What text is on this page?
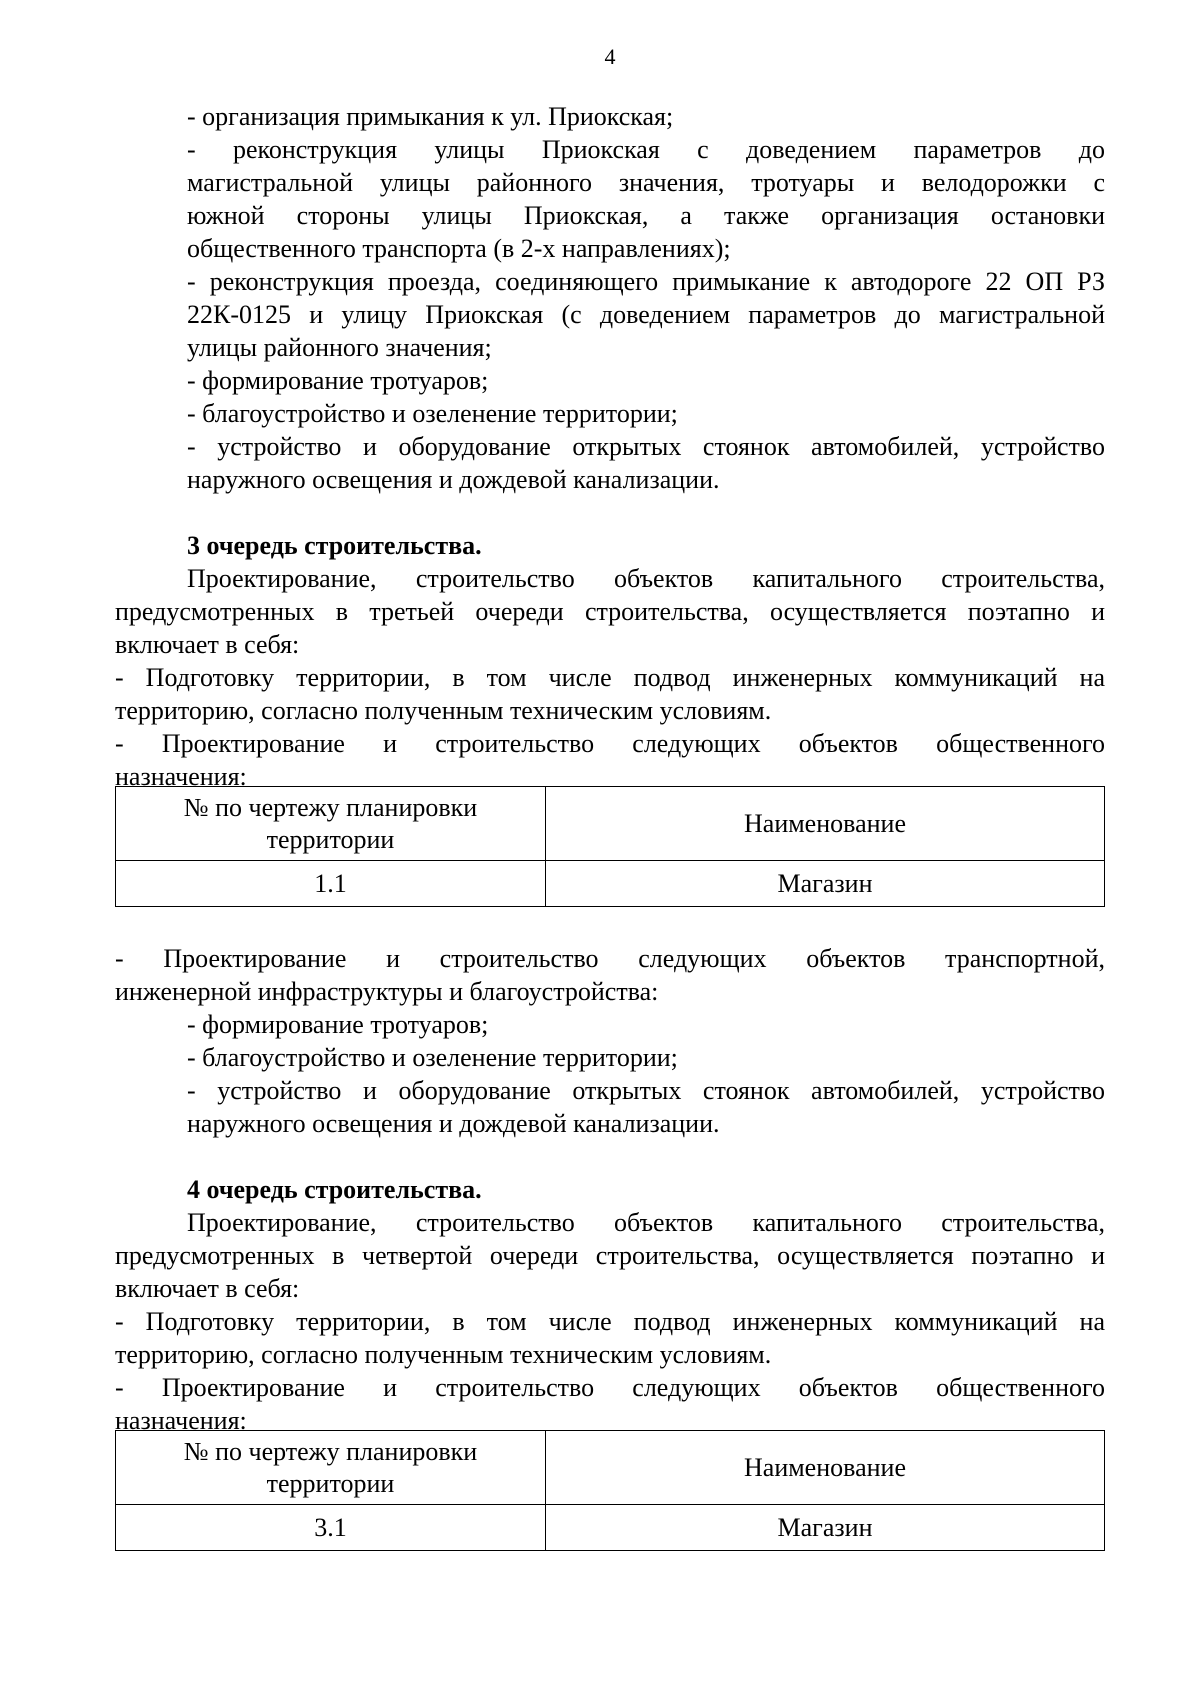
4
- организация примыкания к ул. Приокская;
- реконструкция улицы Приокская с доведением параметров до
магистральной улицы районного значения, тротуары и велодорожки с
южной стороны улицы Приокская, а также организация остановки
общественного транспорта (в 2-х направлениях);
- реконструкция проезда, соединяющего примыкание к автодороге 22 ОП РЗ
22К-0125 и улицу Приокская (с доведением параметров до магистральной
улицы районного значения;
- формирование тротуаров;
- благоустройство и озеленение территории;
- устройство и оборудование открытых стоянок автомобилей, устройство
наружного освещения и дождевой канализации.
3 очередь строительства.
Проектирование, строительство объектов капитального строительства,
предусмотренных в третьей очереди строительства, осуществляется поэтапно и
включает в себя:
- Подготовку территории, в том числе подвод инженерных коммуникаций на
территорию, согласно полученным техническим условиям.
- Проектирование и строительство следующих объектов общественного
назначения:
№ по чертежу планировки территории	Наименование
1.1	Магазин
- Проектирование и строительство следующих объектов транспортной,
инженерной инфраструктуры и благоустройства:
- формирование тротуаров;
- благоустройство и озеленение территории;
- устройство и оборудование открытых стоянок автомобилей, устройство
наружного освещения и дождевой канализации.
4 очередь строительства.
Проектирование, строительство объектов капитального строительства,
предусмотренных в четвертой очереди строительства, осуществляется поэтапно и
включает в себя:
- Подготовку территории, в том числе подвод инженерных коммуникаций на
территорию, согласно полученным техническим условиям.
- Проектирование и строительство следующих объектов общественного
назначения:
№ по чертежу планировки территории	Наименование
3.1	Магазин
